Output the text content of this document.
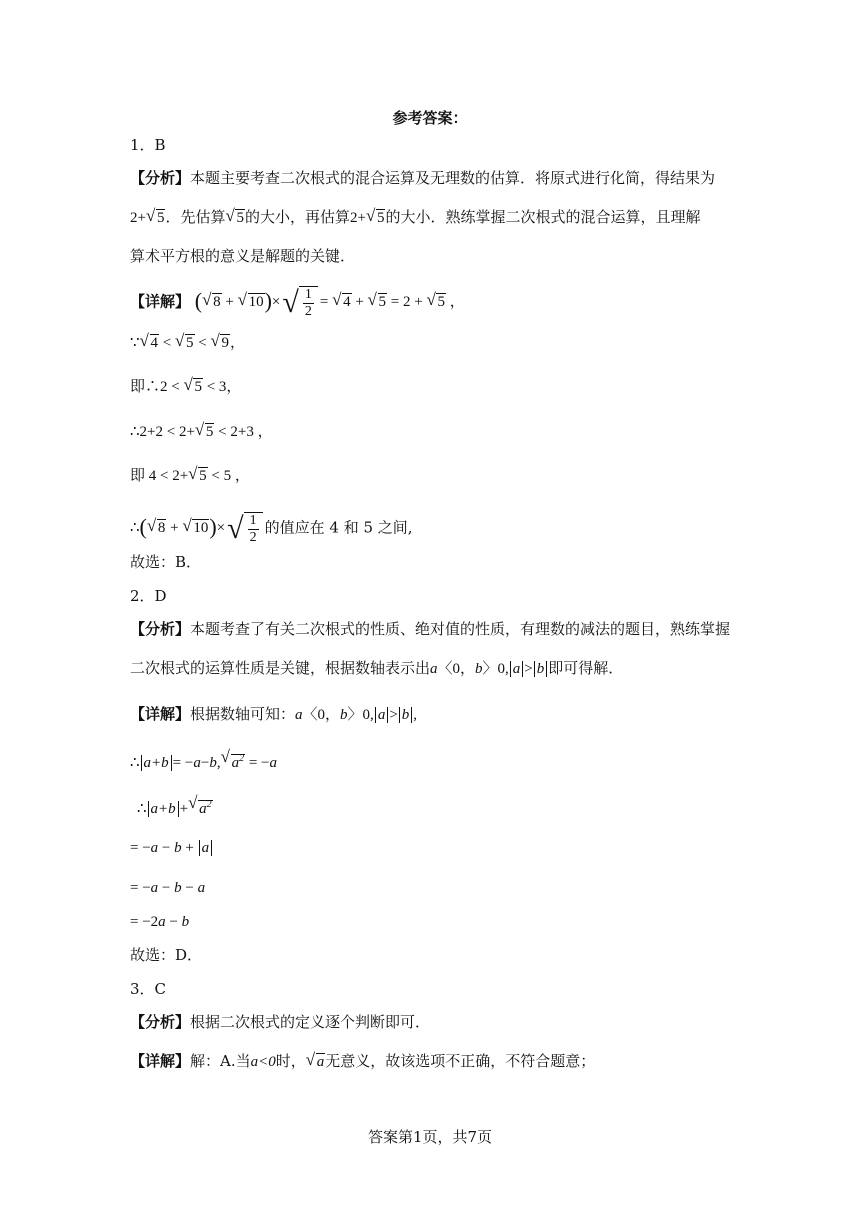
参考答案：
1．B
【分析】本题主要考查二次根式的混合运算及无理数的估算．将原式进行化简，得结果为
2+ √ 5．先估算 √ 5的大小，再估算2+ √ 5的大小．熟练掌握二次根式的混合运算，且理解
算术平方根的意义是解题的关键．
【详解】 ( √ 8 + √ 10)× √ $\frac{1}{2}$ = √ 4 + √ 5 = 2 + √ 5 ，
∵ √ 4 < √ 5 < √ 9，
即∴2 < √ 5 < 3，
∴2+2 < 2+ √ 5 < 2+3 ，
即 4 < 2+ √ 5 < 5 ，
∴( √ 8 + √ 10)× √ $\frac{1}{2}$ 的值应在 4 和 5 之间,
故选：B．
2．D
【分析】本题考查了有关二次根式的性质、绝对值的性质，有理数的减法的题目，熟练掌握
二次根式的运算性质是关键，根据数轴表示出a〈0，b〉0, a > b 即可得解．
【详解】根据数轴可知：a〈0，b〉0, a > b ,
∴ a+b = −a−b, √ $a^2 = -a$
∴ a+b + √ $a^2$
= −a − b + a
= −a − b − a
= −2a − b
故选：D．
3．C
【分析】根据二次根式的定义逐个判断即可．
【详解】解：A.当a<0时， √ a无意义，故该选项不正确，不符合题意；
答案第1页，共7页
